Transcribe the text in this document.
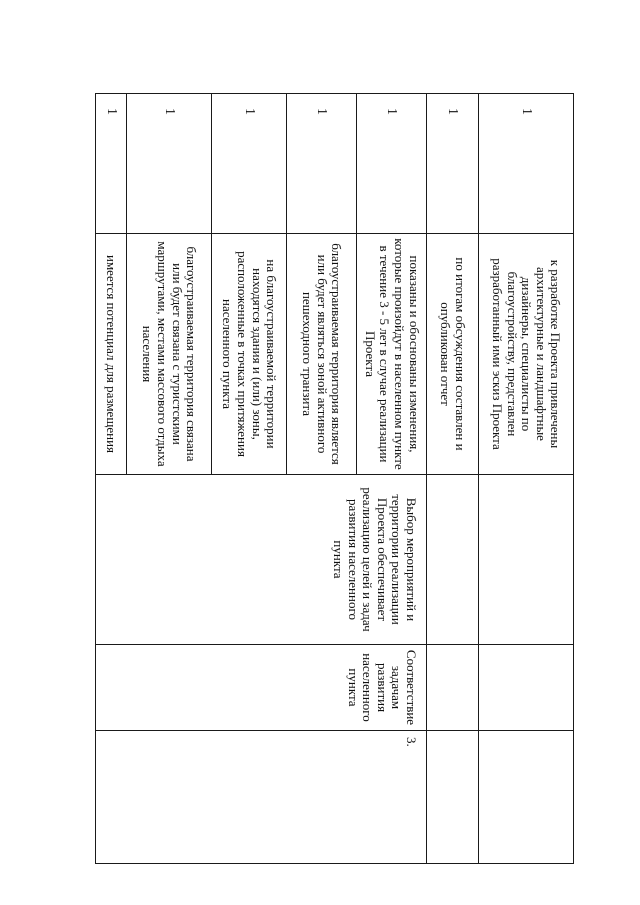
1	к разработке Проекта привлечены архитектурные и ландшафтные дизайнеры, специалисты по благоустройству, представлен разработанный ими эскиз Проекта			
1	по итогам обсуждения составлен и опубликован отчет			
1	показаны и обоснованы изменения, которые произойдут в населенном пункте в течение 3 - 5 лет в случае реализации Проекта	Выбор мероприятий и территории реализации Проекта обеспечивает реализацию целей и задач развития населенного пункта	Соответствие задачам развития населенного пункта	3.
1	благоустраиваемая территория является или будет являться зоной активного пешеходного транзита			
1	на благоустраиваемой территории находятся здания и (или) зоны, расположенные в точках притяжения населенного пункта			
1	благоустраиваемая территория связана или будет связана с туристскими маршрутами, местами массового отдыха населения			
1	имеется потенциал для размещения			
